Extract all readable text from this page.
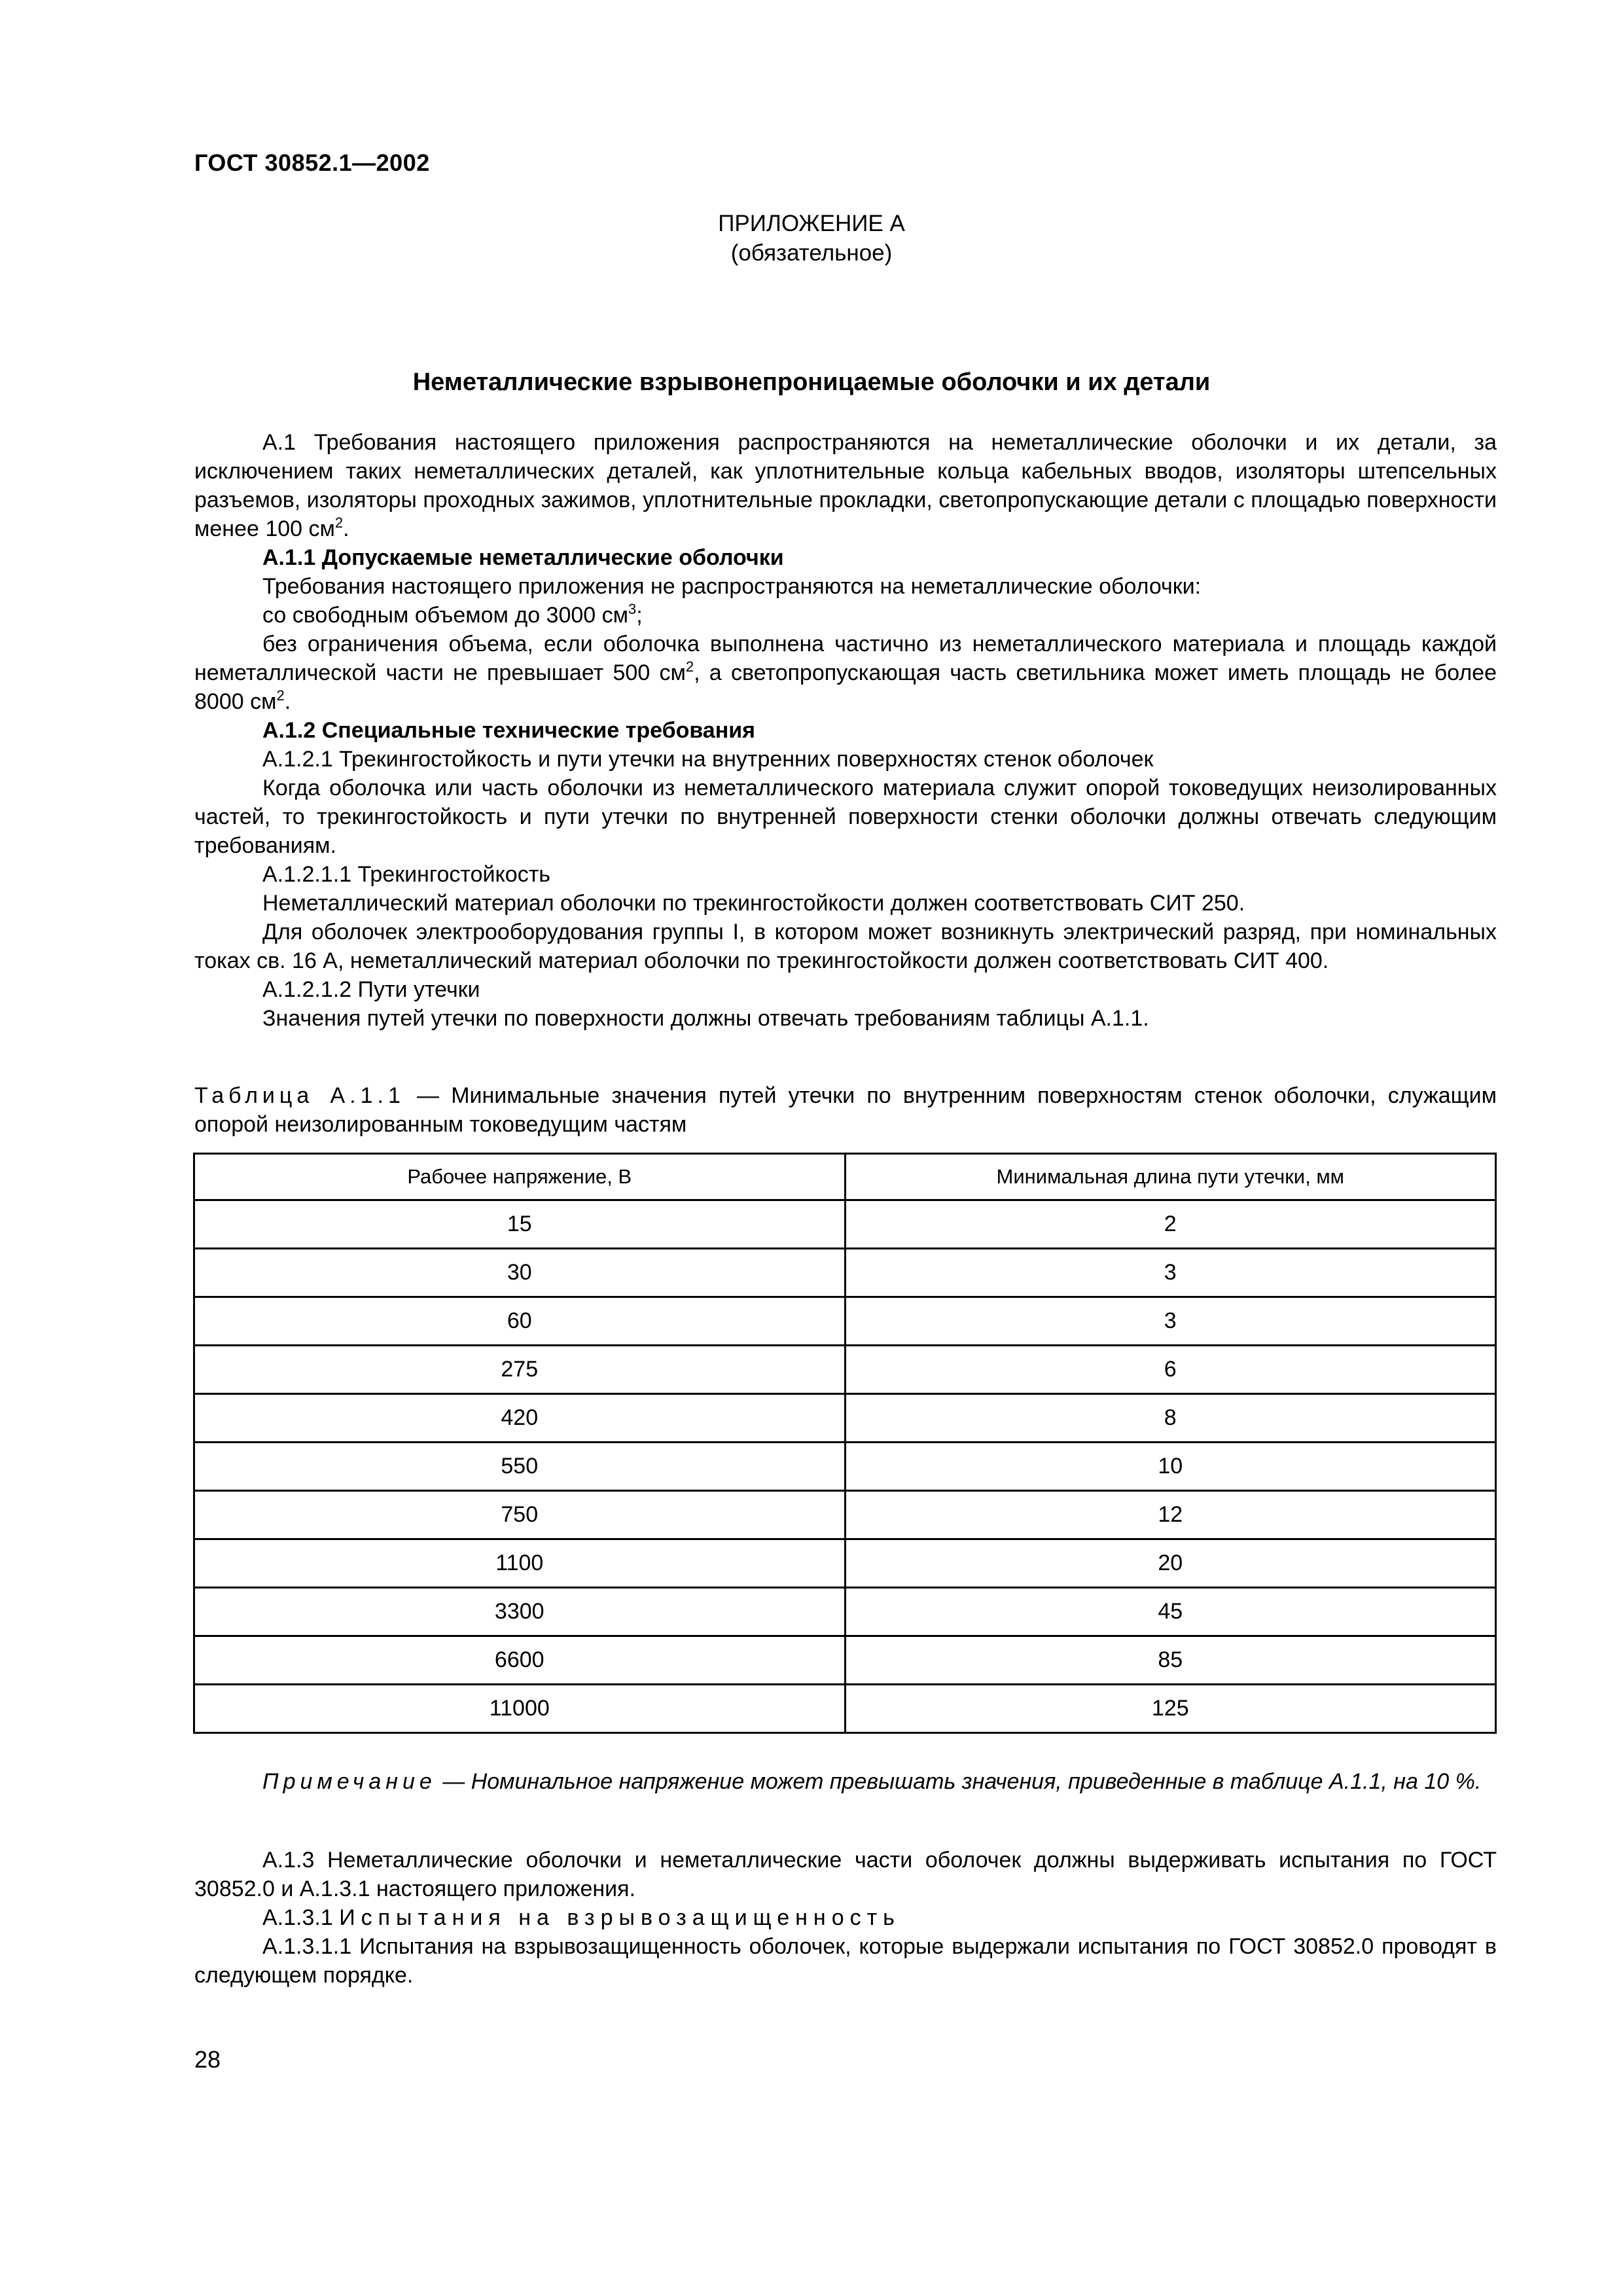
ГОСТ 30852.1—2002
ПРИЛОЖЕНИЕ А
(обязательное)
Неметаллические взрывонепроницаемые оболочки и их детали

А.1 Требования настоящего приложения распространяются на неметаллические оболочки и их детали, за исключением таких неметаллических деталей, как уплотнительные кольца кабельных вводов, изоляторы штепсельных разъемов, изоляторы проходных зажимов, уплотнительные прокладки, светопропускающие детали с площадью поверхности менее 100 $см^2$.

А.1.1 Допускаемые неметаллические оболочки

Требования настоящего приложения не распространяются на неметаллические оболочки:

со свободным объемом до 3000 $см^3$;

без ограничения объема, если оболочка выполнена частично из неметаллического материала и площадь каждой неметаллической части не превышает 500 $см^2$, а светопропускающая часть светильника может иметь площадь не более 8000 $см^2$.

А.1.2 Специальные технические требования

А.1.2.1 Трекингостойкость и пути утечки на внутренних поверхностях стенок оболочек

Когда оболочка или часть оболочки из неметаллического материала служит опорой токоведущих неизолированных частей, то трекингостойкость и пути утечки по внутренней поверхности стенки оболочки должны отвечать следующим требованиям.

А.1.2.1.1 Трекингостойкость

Неметаллический материал оболочки по трекингостойкости должен соответствовать СИТ 250.

Для оболочек электрооборудования группы I, в котором может возникнуть электрический разряд, при номинальных токах св. 16 А, неметаллический материал оболочки по трекингостойкости должен соответствовать СИТ 400.

А.1.2.1.2 Пути утечки

Значения путей утечки по поверхности должны отвечать требованиям таблицы А.1.1.

Таблица А.1.1 — Минимальные значения путей утечки по внутренним поверхностям стенок оболочки, служащим опорой неизолированным токоведущим частям
Рабочее напряжение, В	Минимальная длина пути утечки, мм
15	2
30	3
60	3
275	6
420	8
550	10
750	12
1100	20
3300	45
6600	85
11000	125

Примечание — Номинальное напряжение может превышать значения, приведенные в таблице А.1.1, на 10 %.

А.1.3 Неметаллические оболочки и неметаллические части оболочек должны выдерживать испытания по ГОСТ 30852.0 и А.1.3.1 настоящего приложения.

А.1.3.1 Испытания на взрывозащищенность

А.1.3.1.1 Испытания на взрывозащищенность оболочек, которые выдержали испытания по ГОСТ 30852.0 проводят в следующем порядке.

28
